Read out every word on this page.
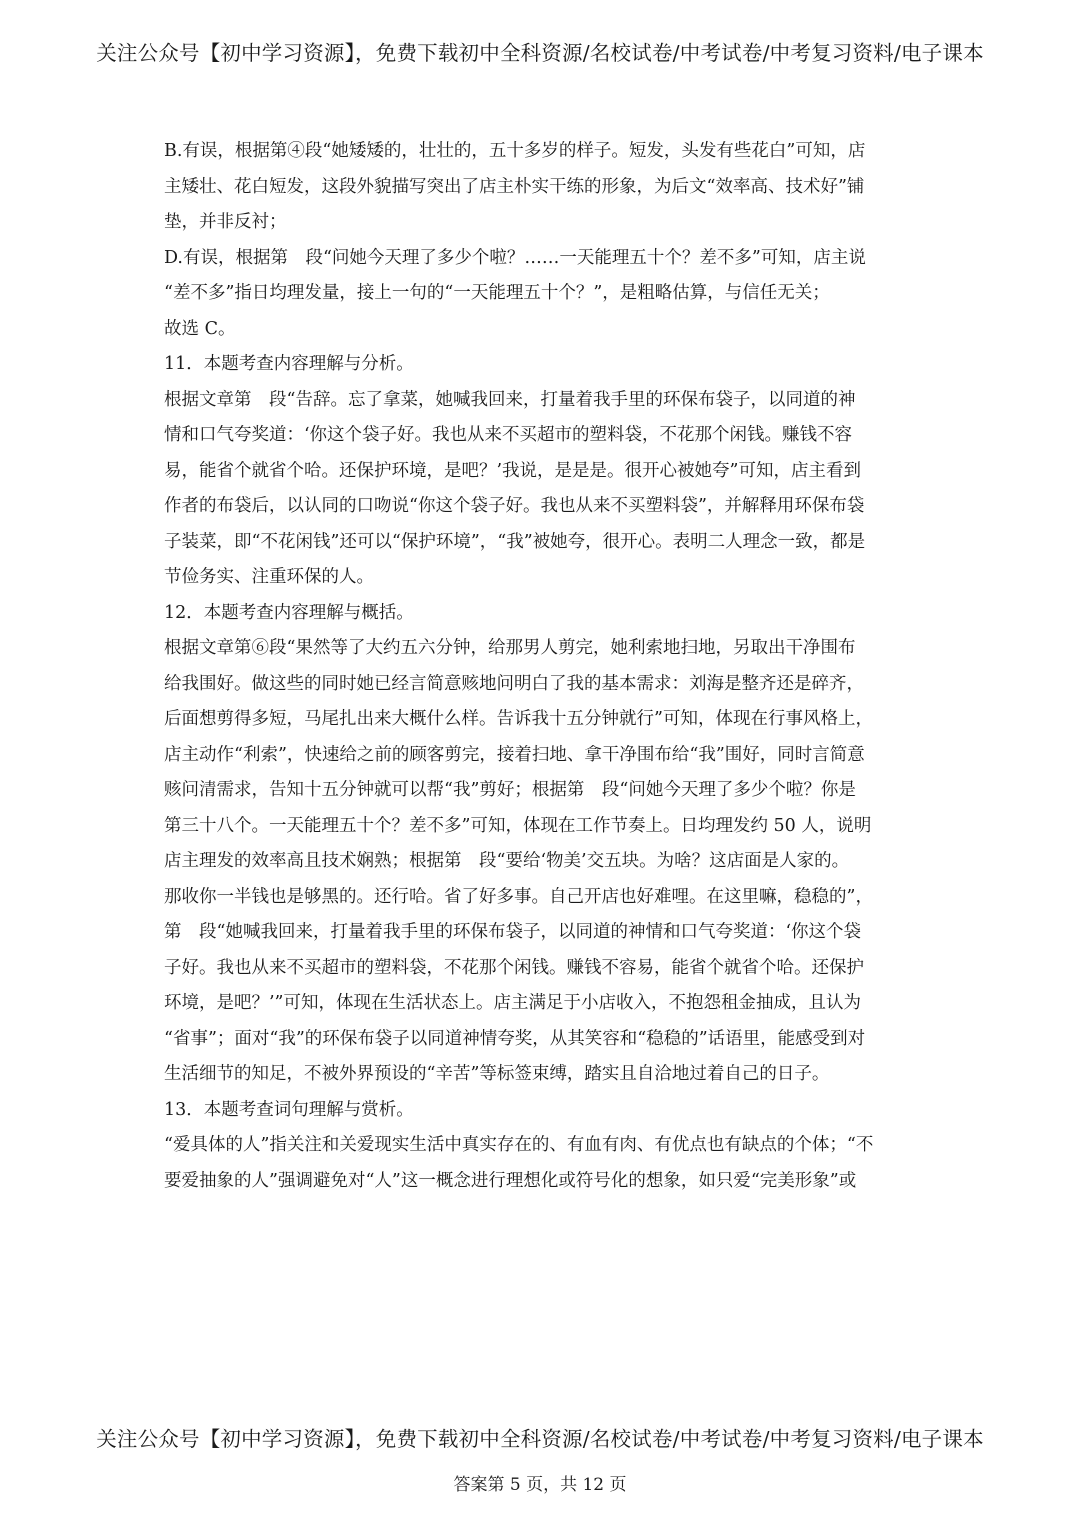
关注公众号【初中学习资源】，免费下载初中全科资源/名校试卷/中考试卷/中考复习资料/电子课本
B.有误，根据第④段“她矮矮的，壮壮的，五十多岁的样子。短发，头发有些花白”可知，店
主矮壮、花白短发，这段外貌描写突出了店主朴实干练的形象，为后文“效率高、技术好”铺
垫，并非反衬；
D.有误，根据第　段“问她今天理了多少个啦？……一天能理五十个？差不多”可知，店主说
“差不多”指日均理发量，接上一句的“一天能理五十个？”，是粗略估算，与信任无关；
故选 C。
11．本题考查内容理解与分析。
根据文章第　段“告辞。忘了拿菜，她喊我回来，打量着我手里的环保布袋子，以同道的神
情和口气夸奖道：‘你这个袋子好。我也从来不买超市的塑料袋，不花那个闲钱。赚钱不容
易，能省个就省个哈。还保护环境，是吧？’我说，是是是。很开心被她夸”可知，店主看到
作者的布袋后，以认同的口吻说“你这个袋子好。我也从来不买塑料袋”，并解释用环保布袋
子装菜，即“不花闲钱”还可以“保护环境”，“我”被她夸，很开心。表明二人理念一致，都是
节俭务实、注重环保的人。
12．本题考查内容理解与概括。
根据文章第⑥段“果然等了大约五六分钟，给那男人剪完，她利索地扫地，另取出干净围布
给我围好。做这些的同时她已经言简意赅地问明白了我的基本需求：刘海是整齐还是碎齐，
后面想剪得多短，马尾扎出来大概什么样。告诉我十五分钟就行”可知，体现在行事风格上，
店主动作“利索”，快速给之前的顾客剪完，接着扫地、拿干净围布给“我”围好，同时言简意
赅问清需求，告知十五分钟就可以帮“我”剪好；根据第　段“问她今天理了多少个啦？你是
第三十八个。一天能理五十个？差不多”可知，体现在工作节奏上。日均理发约 50 人，说明
店主理发的效率高且技术娴熟；根据第　段“要给‘物美’交五块。为啥？这店面是人家的。
那收你一半钱也是够黑的。还行哈。省了好多事。自己开店也好难哩。在这里嘛，稳稳的”，
第　段“她喊我回来，打量着我手里的环保布袋子，以同道的神情和口气夸奖道：‘你这个袋
子好。我也从来不买超市的塑料袋，不花那个闲钱。赚钱不容易，能省个就省个哈。还保护
环境，是吧？’”可知，体现在生活状态上。店主满足于小店收入，不抱怨租金抽成，且认为
“省事”；面对“我”的环保布袋子以同道神情夸奖，从其笑容和“稳稳的”话语里，能感受到对
生活细节的知足，不被外界预设的“辛苦”等标签束缚，踏实且自洽地过着自己的日子。
13．本题考查词句理解与赏析。
“爱具体的人”指关注和关爱现实生活中真实存在的、有血有肉、有优点也有缺点的个体；“不
要爱抽象的人”强调避免对“人”这一概念进行理想化或符号化的想象，如只爱“完美形象”或
关注公众号【初中学习资源】，免费下载初中全科资源/名校试卷/中考试卷/中考复习资料/电子课本
答案第 5 页，共 12 页
